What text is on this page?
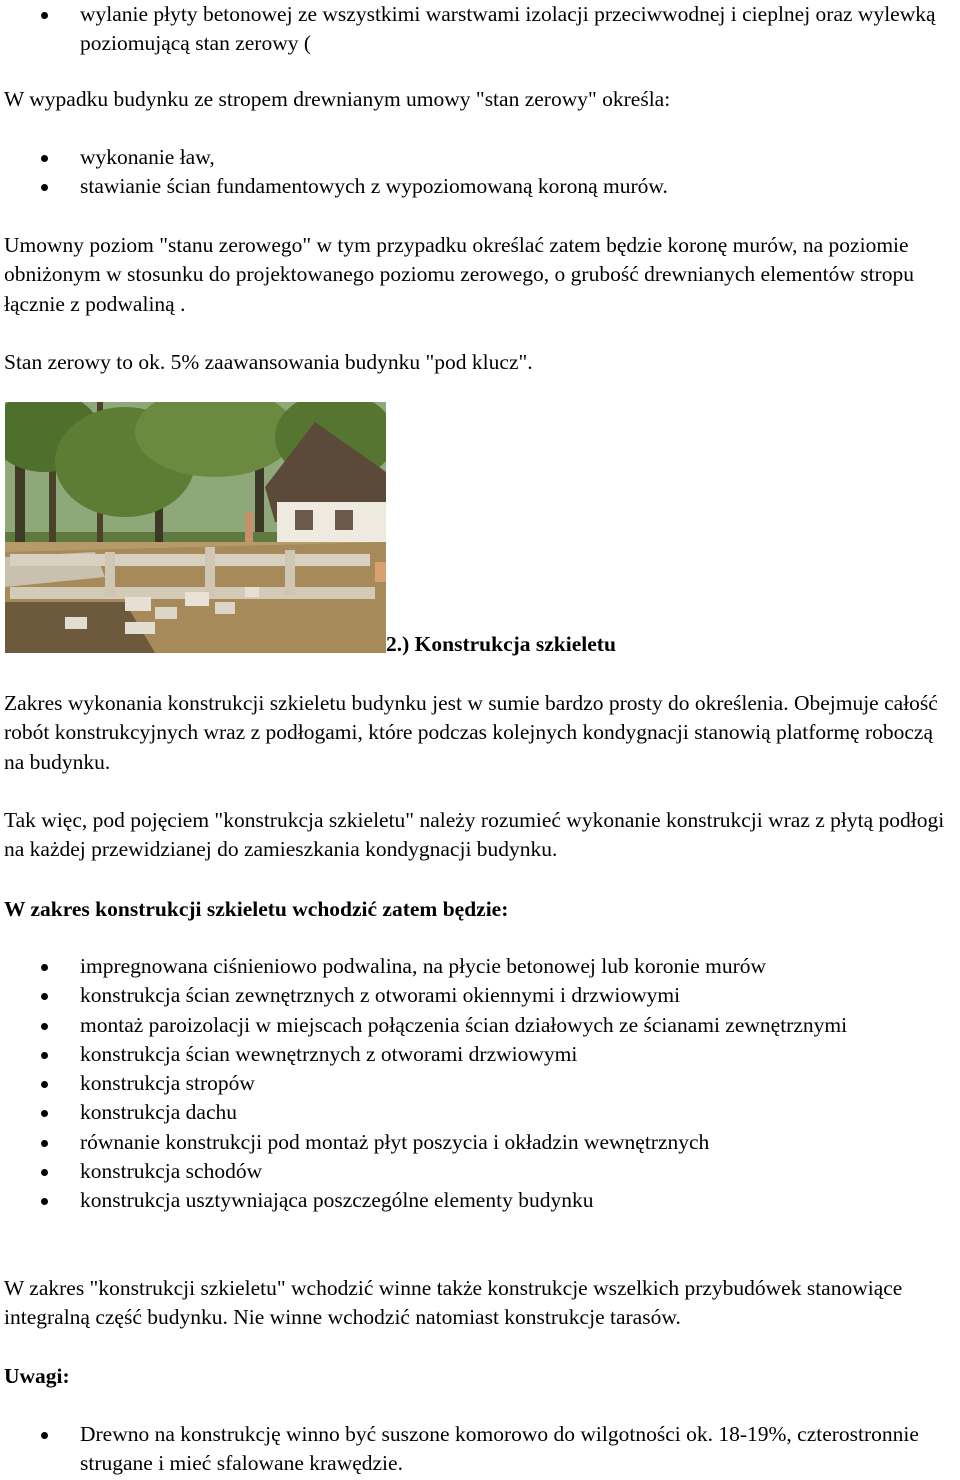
wylanie płyty betonowej ze wszystkimi warstwami izolacji przeciwwodnej i cieplnej oraz wylewką poziomującą stan zerowy (

W wypadku budynku ze stropem drewnianym umowy "stan zerowy" określa:

wykonanie ław,
stawianie ścian fundamentowych z wypoziomowaną koroną murów.

Umowny poziom "stanu zerowego" w tym przypadku określać zatem będzie koronę murów, na poziomie obniżonym w stosunku do projektowanego poziomu zerowego, o grubość drewnianych elementów stropu łącznie z podwaliną .

Stan zerowy to ok. 5% zaawansowania budynku "pod klucz".

2.) Konstrukcja szkieletu

Zakres wykonania konstrukcji szkieletu budynku jest w sumie bardzo prosty do określenia. Obejmuje całość robót konstrukcyjnych wraz z podłogami, które podczas kolejnych kondygnacji stanowią platformę roboczą na budynku.

Tak więc, pod pojęciem "konstrukcja szkieletu" należy rozumieć wykonanie konstrukcji wraz z płytą podłogi na każdej przewidzianej do zamieszkania kondygnacji budynku.

W zakres konstrukcji szkieletu wchodzić zatem będzie:

impregnowana ciśnieniowo podwalina, na płycie betonowej lub koronie murów
konstrukcja ścian zewnętrznych z otworami okiennymi i drzwiowymi
montaż paroizolacji w miejscach połączenia ścian działowych ze ścianami zewnętrznymi
konstrukcja ścian wewnętrznych z otworami drzwiowymi
konstrukcja stropów
konstrukcja dachu
równanie konstrukcji pod montaż płyt poszycia i okładzin wewnętrznych
konstrukcja schodów
konstrukcja usztywniająca poszczególne elementy budynku

W zakres "konstrukcji szkieletu" wchodzić winne także konstrukcje wszelkich przybudówek stanowiące integralną część budynku. Nie winne wchodzić natomiast konstrukcje tarasów.

Uwagi:

Drewno na konstrukcję winno być suszone komorowo do wilgotności ok. 18-19%, czterostronnie strugane i mieć sfalowane krawędzie.
